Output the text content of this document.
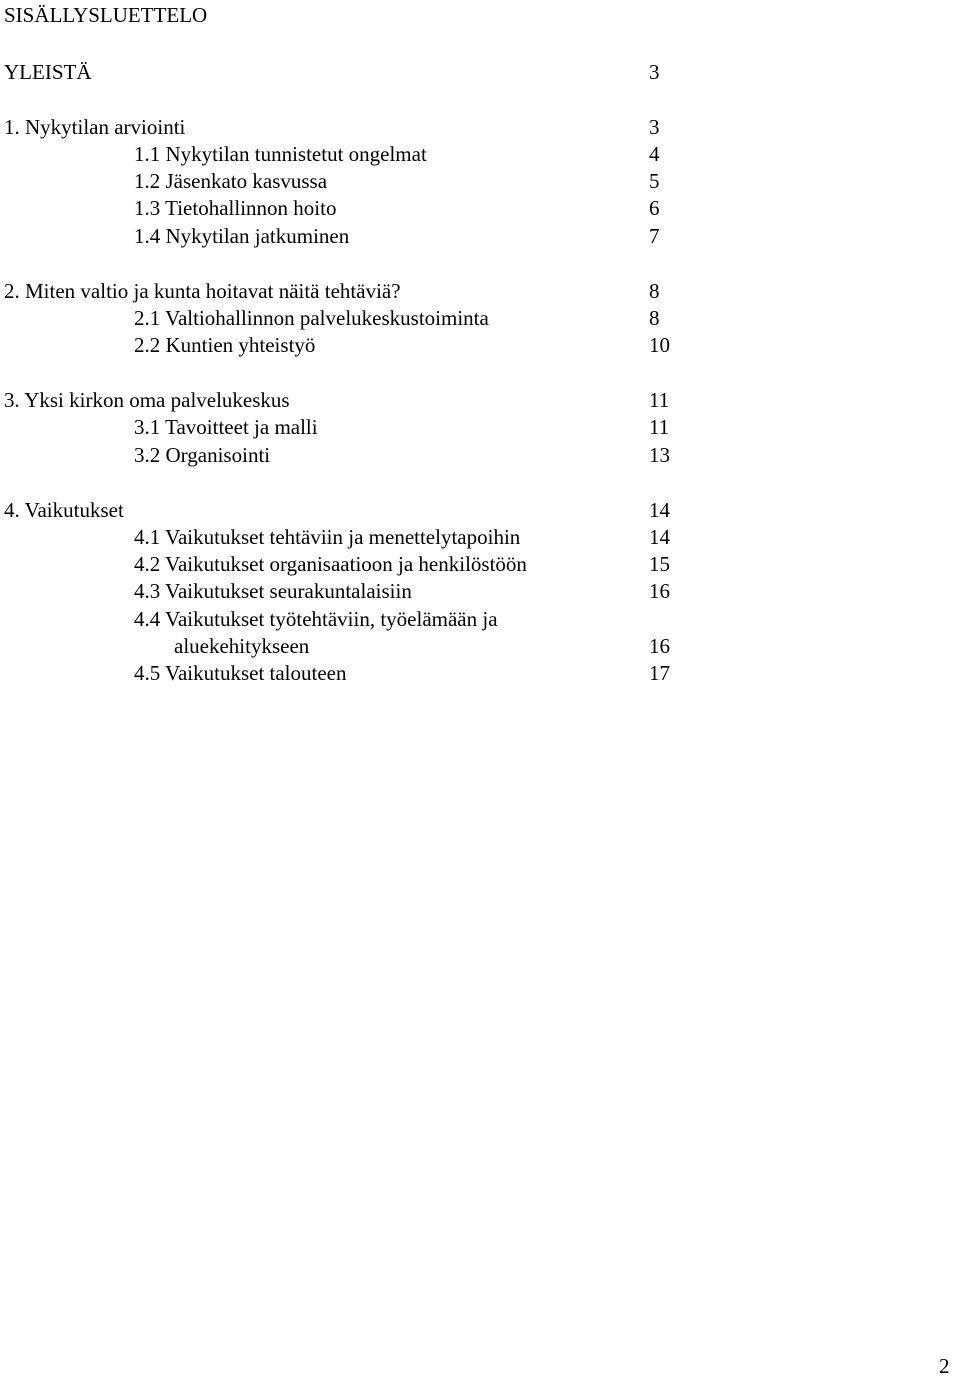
SISÄLLYSLUETTELO
YLEISTÄ	3
1. Nykytilan arviointi	3
1.1 Nykytilan tunnistetut ongelmat	4
1.2 Jäsenkato kasvussa	5
1.3 Tietohallinnon hoito	6
1.4 Nykytilan jatkuminen	7
2. Miten valtio ja kunta hoitavat näitä tehtäviä?	8
2.1 Valtiohallinnon palvelukeskustoiminta	8
2.2 Kuntien yhteistyö	10
3. Yksi kirkon oma palvelukeskus	11
3.1 Tavoitteet ja malli	11
3.2 Organisointi	13
4. Vaikutukset	14
4.1 Vaikutukset tehtäviin ja menettelytapoihin	14
4.2 Vaikutukset organisaatioon ja henkilöstöön	15
4.3 Vaikutukset seurakuntalaisiin	16
4.4 Vaikutukset työtehtäviin, työelämään ja
aluekehitykseen	16
4.5 Vaikutukset talouteen	17
2
